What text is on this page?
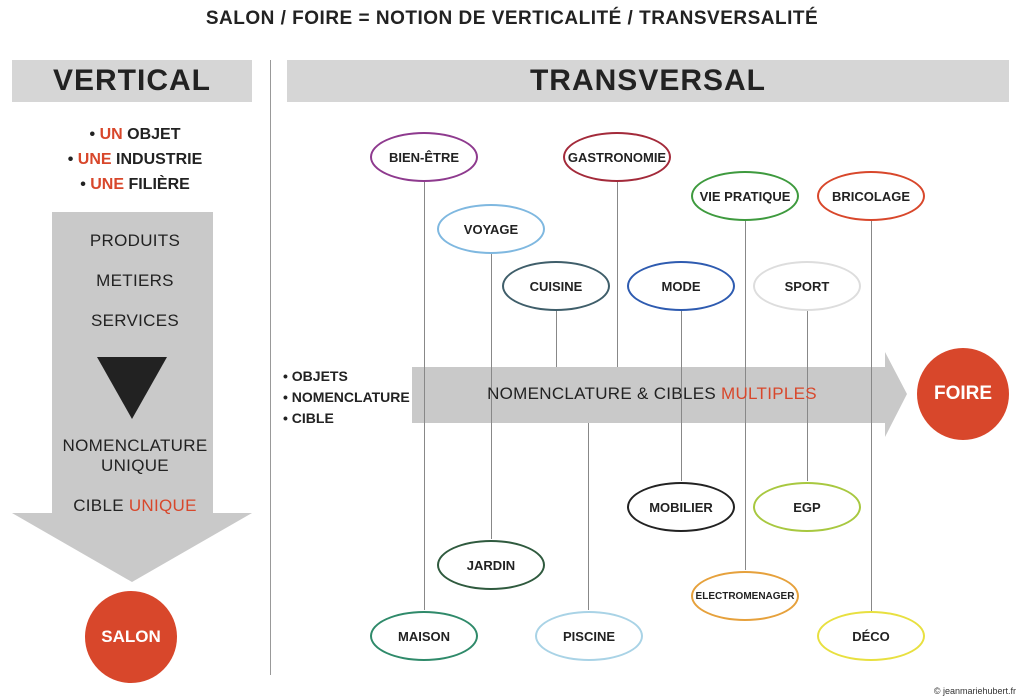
SALON / FOIRE = NOTION DE VERTICALITÉ / TRANSVERSALITÉ
VERTICAL
• UN OBJET
• UNE INDUSTRIE
• UNE FILIÈRE
PRODUITS
METIERS
SERVICES
NOMENCLATURE
UNIQUE
CIBLE UNIQUE
SALON
TRANSVERSAL
BIEN-ÊTRE	GASTRONOMIE
VIE PRATIQUE	BRICOLAGE
VOYAGE
CUISINE	MODE	SPORT
MOBILIER	EGP
JARDIN
ELECTROMENAGER
MAISON	PISCINE	DÉCO
• OBJETS
• NOMENCLATURE
• CIBLE
NOMENCLATURE & CIBLES MULTIPLES	FOIRE
© jeanmariehubert.fr
